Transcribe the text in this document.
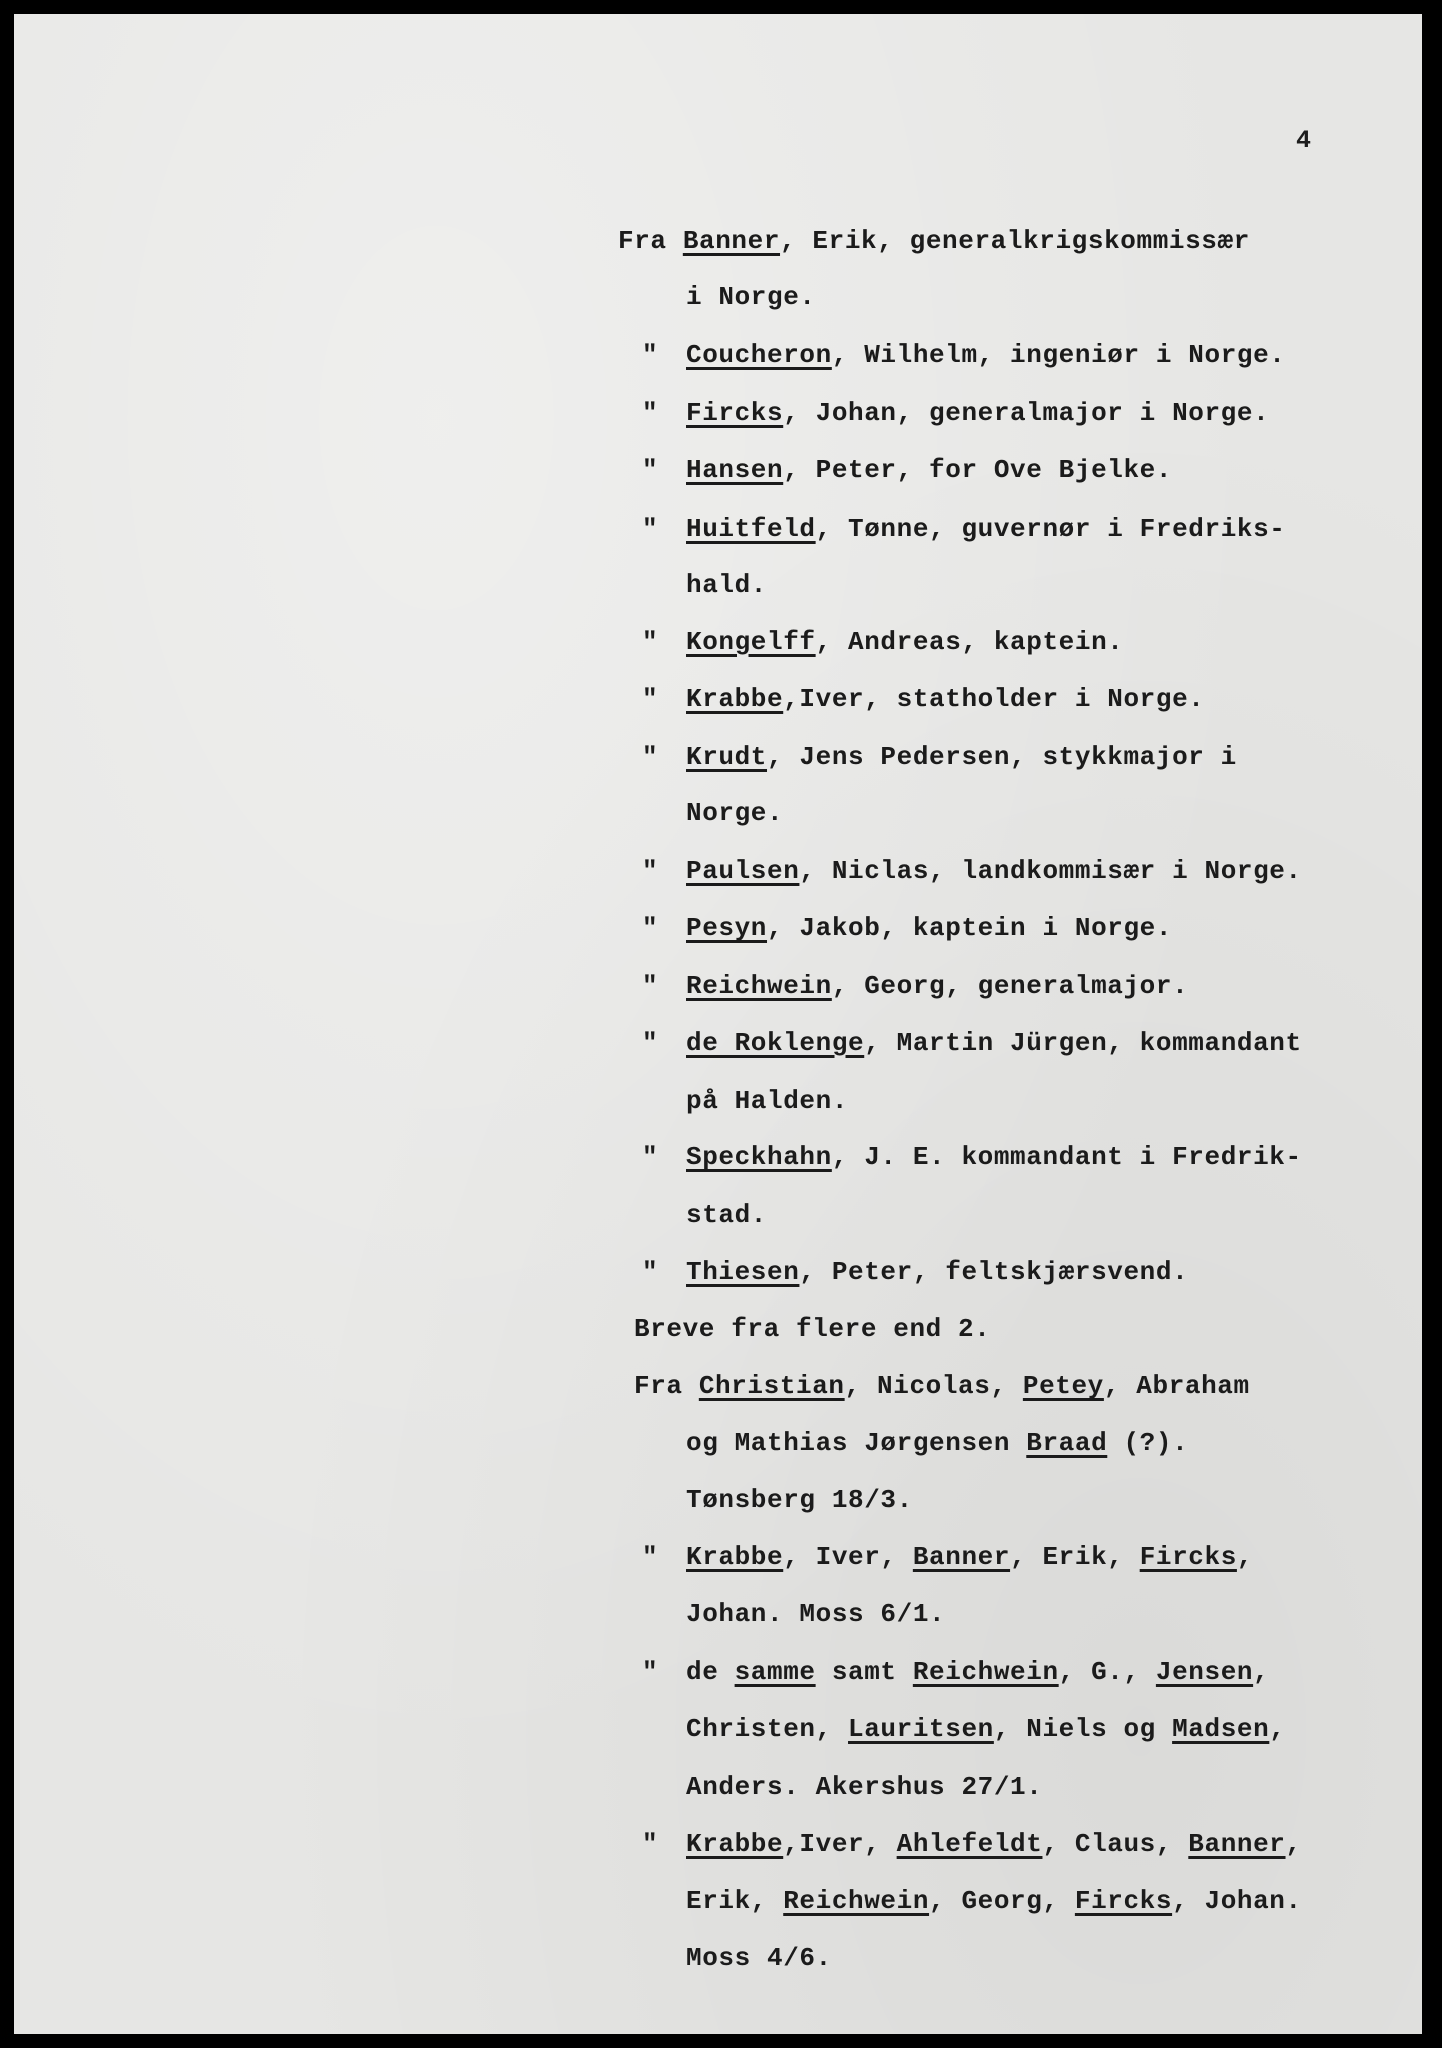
4
Fra Banner, Erik, generalkrigskommissær
i Norge.
"
Coucheron, Wilhelm, ingeniør i Norge.
"
Fircks, Johan, generalmajor i Norge.
"
Hansen, Peter, for Ove Bjelke.
"
Huitfeld, Tønne, guvernør i Fredriks-
hald.
"
Kongelff, Andreas, kaptein.
"
Krabbe,Iver, statholder i Norge.
"
Krudt, Jens Pedersen, stykkmajor i
Norge.
"
Paulsen, Niclas, landkommisær i Norge.
"
Pesyn, Jakob, kaptein i Norge.
"
Reichwein, Georg, generalmajor.
"
de Roklenge, Martin Jürgen, kommandant
på Halden.
"
Speckhahn, J. E. kommandant i Fredrik-
stad.
"
Thiesen, Peter, feltskjærsvend.
Breve fra flere end 2.
Fra Christian, Nicolas, Petey, Abraham
og Mathias Jørgensen Braad (?).
Tønsberg 18/3.
"
Krabbe, Iver, Banner, Erik, Fircks,
Johan. Moss 6/1.
"
de samme samt Reichwein, G., Jensen,
Christen, Lauritsen, Niels og Madsen,
Anders. Akershus 27/1.
"
Krabbe,Iver, Ahlefeldt, Claus, Banner,
Erik, Reichwein, Georg, Fircks, Johan.
Moss 4/6.
